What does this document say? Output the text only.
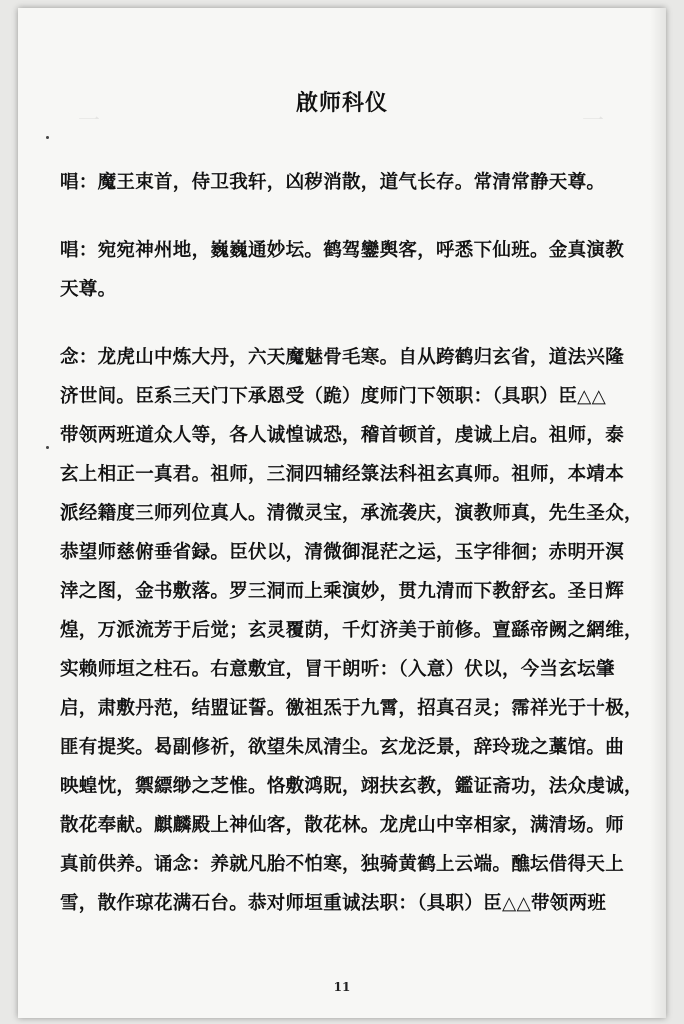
一　　　　　　　　　　　　　　　　　　　　一

啟师科仪
唱：魔王束首，侍卫我轩，凶秽消散，道气长存。常清常静天尊。
唱：宛宛神州地，巍巍通妙坛。鹤驾鑾舆客，呼悉下仙班。金真演教
天尊。
念：龙虎山中炼大丹，六天魔魅骨毛寒。自从跨鹤归玄省，道法兴隆
济世间。臣系三天门下承恩受（跪）度师门下领职：（具职）臣△△
带领两班道众人等，各人诚惶诚恐，稽首顿首，虔诚上启。祖师，泰
玄上相正一真君。祖师，三洞四辅经箓法科祖玄真师。祖师，本靖本
派经籍度三师列位真人。清微灵宝，承流袭庆，演教师真，先生圣众，
恭望师慈俯垂省録。臣伏以，清微御混茫之运，玉字徘徊；赤明开溟
涬之图，金书敷落。罗三洞而上乘演妙，贯九清而下教舒玄。圣日辉
煌，万派流芳于后觉；玄灵覆荫，千灯济美于前修。亶繇帝阙之網维，
实赖师垣之柱石。右意敷宜，冒干朗听：（入意）伏以，今当玄坛肇
启，肃敷丹范，结盟证誓。徼祖炁于九霄，招真召灵；霈祥光于十极，
匪有提奖。曷副修祈，欲望朱凤清尘。玄龙泛景，辞玲珑之藁馆。曲
映蝗忱，禦縹缈之芝惟。恪敷鸿貺，翊扶玄教，鑑证斋功，法众虔诚，
散花奉献。麒麟殿上神仙客，散花林。龙虎山中宰相家，满清场。师
真前供养。诵念：养就凡胎不怕寒，独骑黄鹤上云端。醮坛借得天上
雪，散作琼花满石台。恭对师垣重诚法职：（具职）臣△△带领两班
11
